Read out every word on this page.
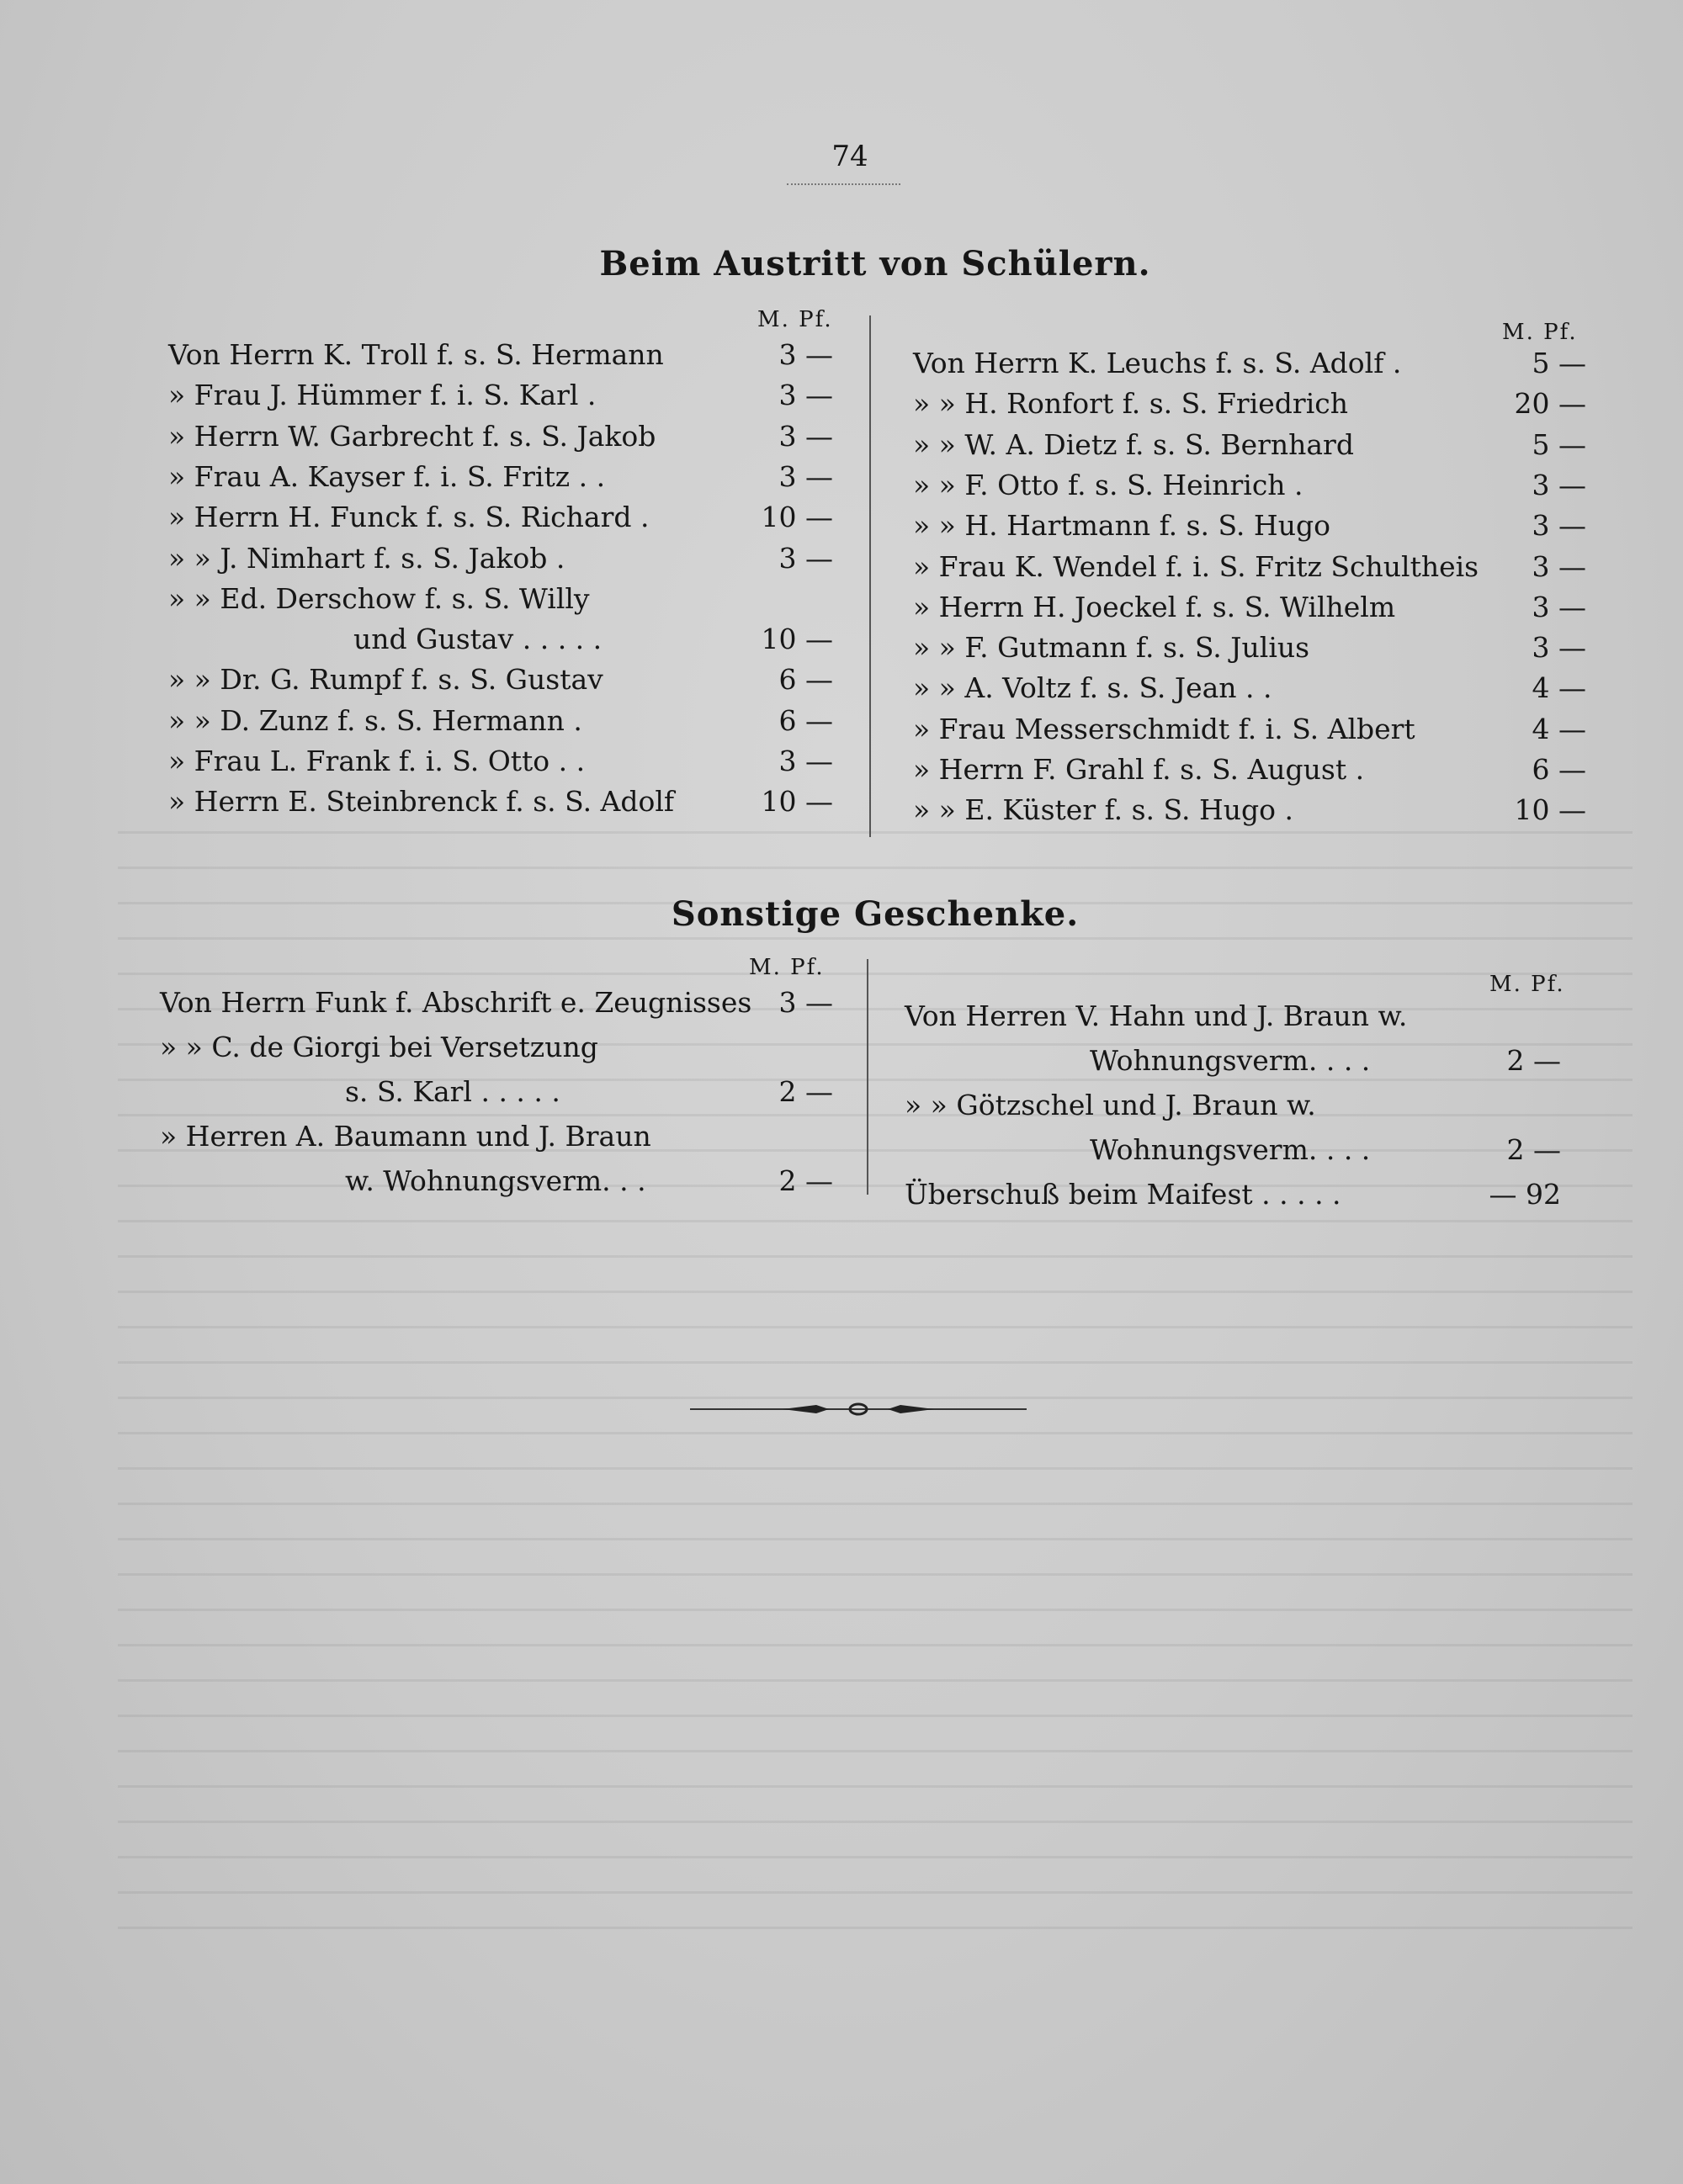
74
Beim Austritt von Schülern.
M. Pf.
Von Herrn K. Troll f. s. S. Hermann	3 —
» Frau J. Hümmer f. i. S. Karl .	3 —
» Herrn W. Garbrecht f. s. S. Jakob	3 —
» Frau A. Kayser f. i. S. Fritz . .	3 —
» Herrn H. Funck f. s. S. Richard .	10 —
» » J. Nimhart f. s. S. Jakob .	3 —
» » Ed. Derschow f. s. S. Willy
und Gustav . . . . .	10 —
» » Dr. G. Rumpf f. s. S. Gustav	6 —
» » D. Zunz f. s. S. Hermann .	6 —
» Frau L. Frank f. i. S. Otto . .	3 —
» Herrn E. Steinbrenck f. s. S. Adolf	10 —
M. Pf.
Von Herrn K. Leuchs f. s. S. Adolf .	5 —
» » H. Ronfort f. s. S. Friedrich	20 —
» » W. A. Dietz f. s. S. Bernhard	5 —
» » F. Otto f. s. S. Heinrich .	3 —
» » H. Hartmann f. s. S. Hugo	3 —
» Frau K. Wendel f. i. S. Fritz Schultheis 3 —
» Herrn H. Joeckel f. s. S. Wilhelm	3 —
» » F. Gutmann f. s. S. Julius	3 —
» » A. Voltz f. s. S. Jean . .	4 —
» Frau Messerschmidt f. i. S. Albert	4 —
» Herrn F. Grahl f. s. S. August .	6 —
» » E. Küster f. s. S. Hugo .	10 —
Sonstige Geschenke.
M. Pf.
Von Herrn Funk f. Abschrift e. Zeugnisses 3 —
» » C. de Giorgi bei Versetzung
s. S. Karl . . . . .	2 —
» Herren A. Baumann und J. Braun
w. Wohnungsverm. . .	2 —
M. Pf.
Von Herren V. Hahn und J. Braun w.
Wohnungsverm. . . .	2 —
» » Götzschel und J. Braun w.
Wohnungsverm. . . .	2 —
Überschuß beim Maifest . . . . .	— 92
